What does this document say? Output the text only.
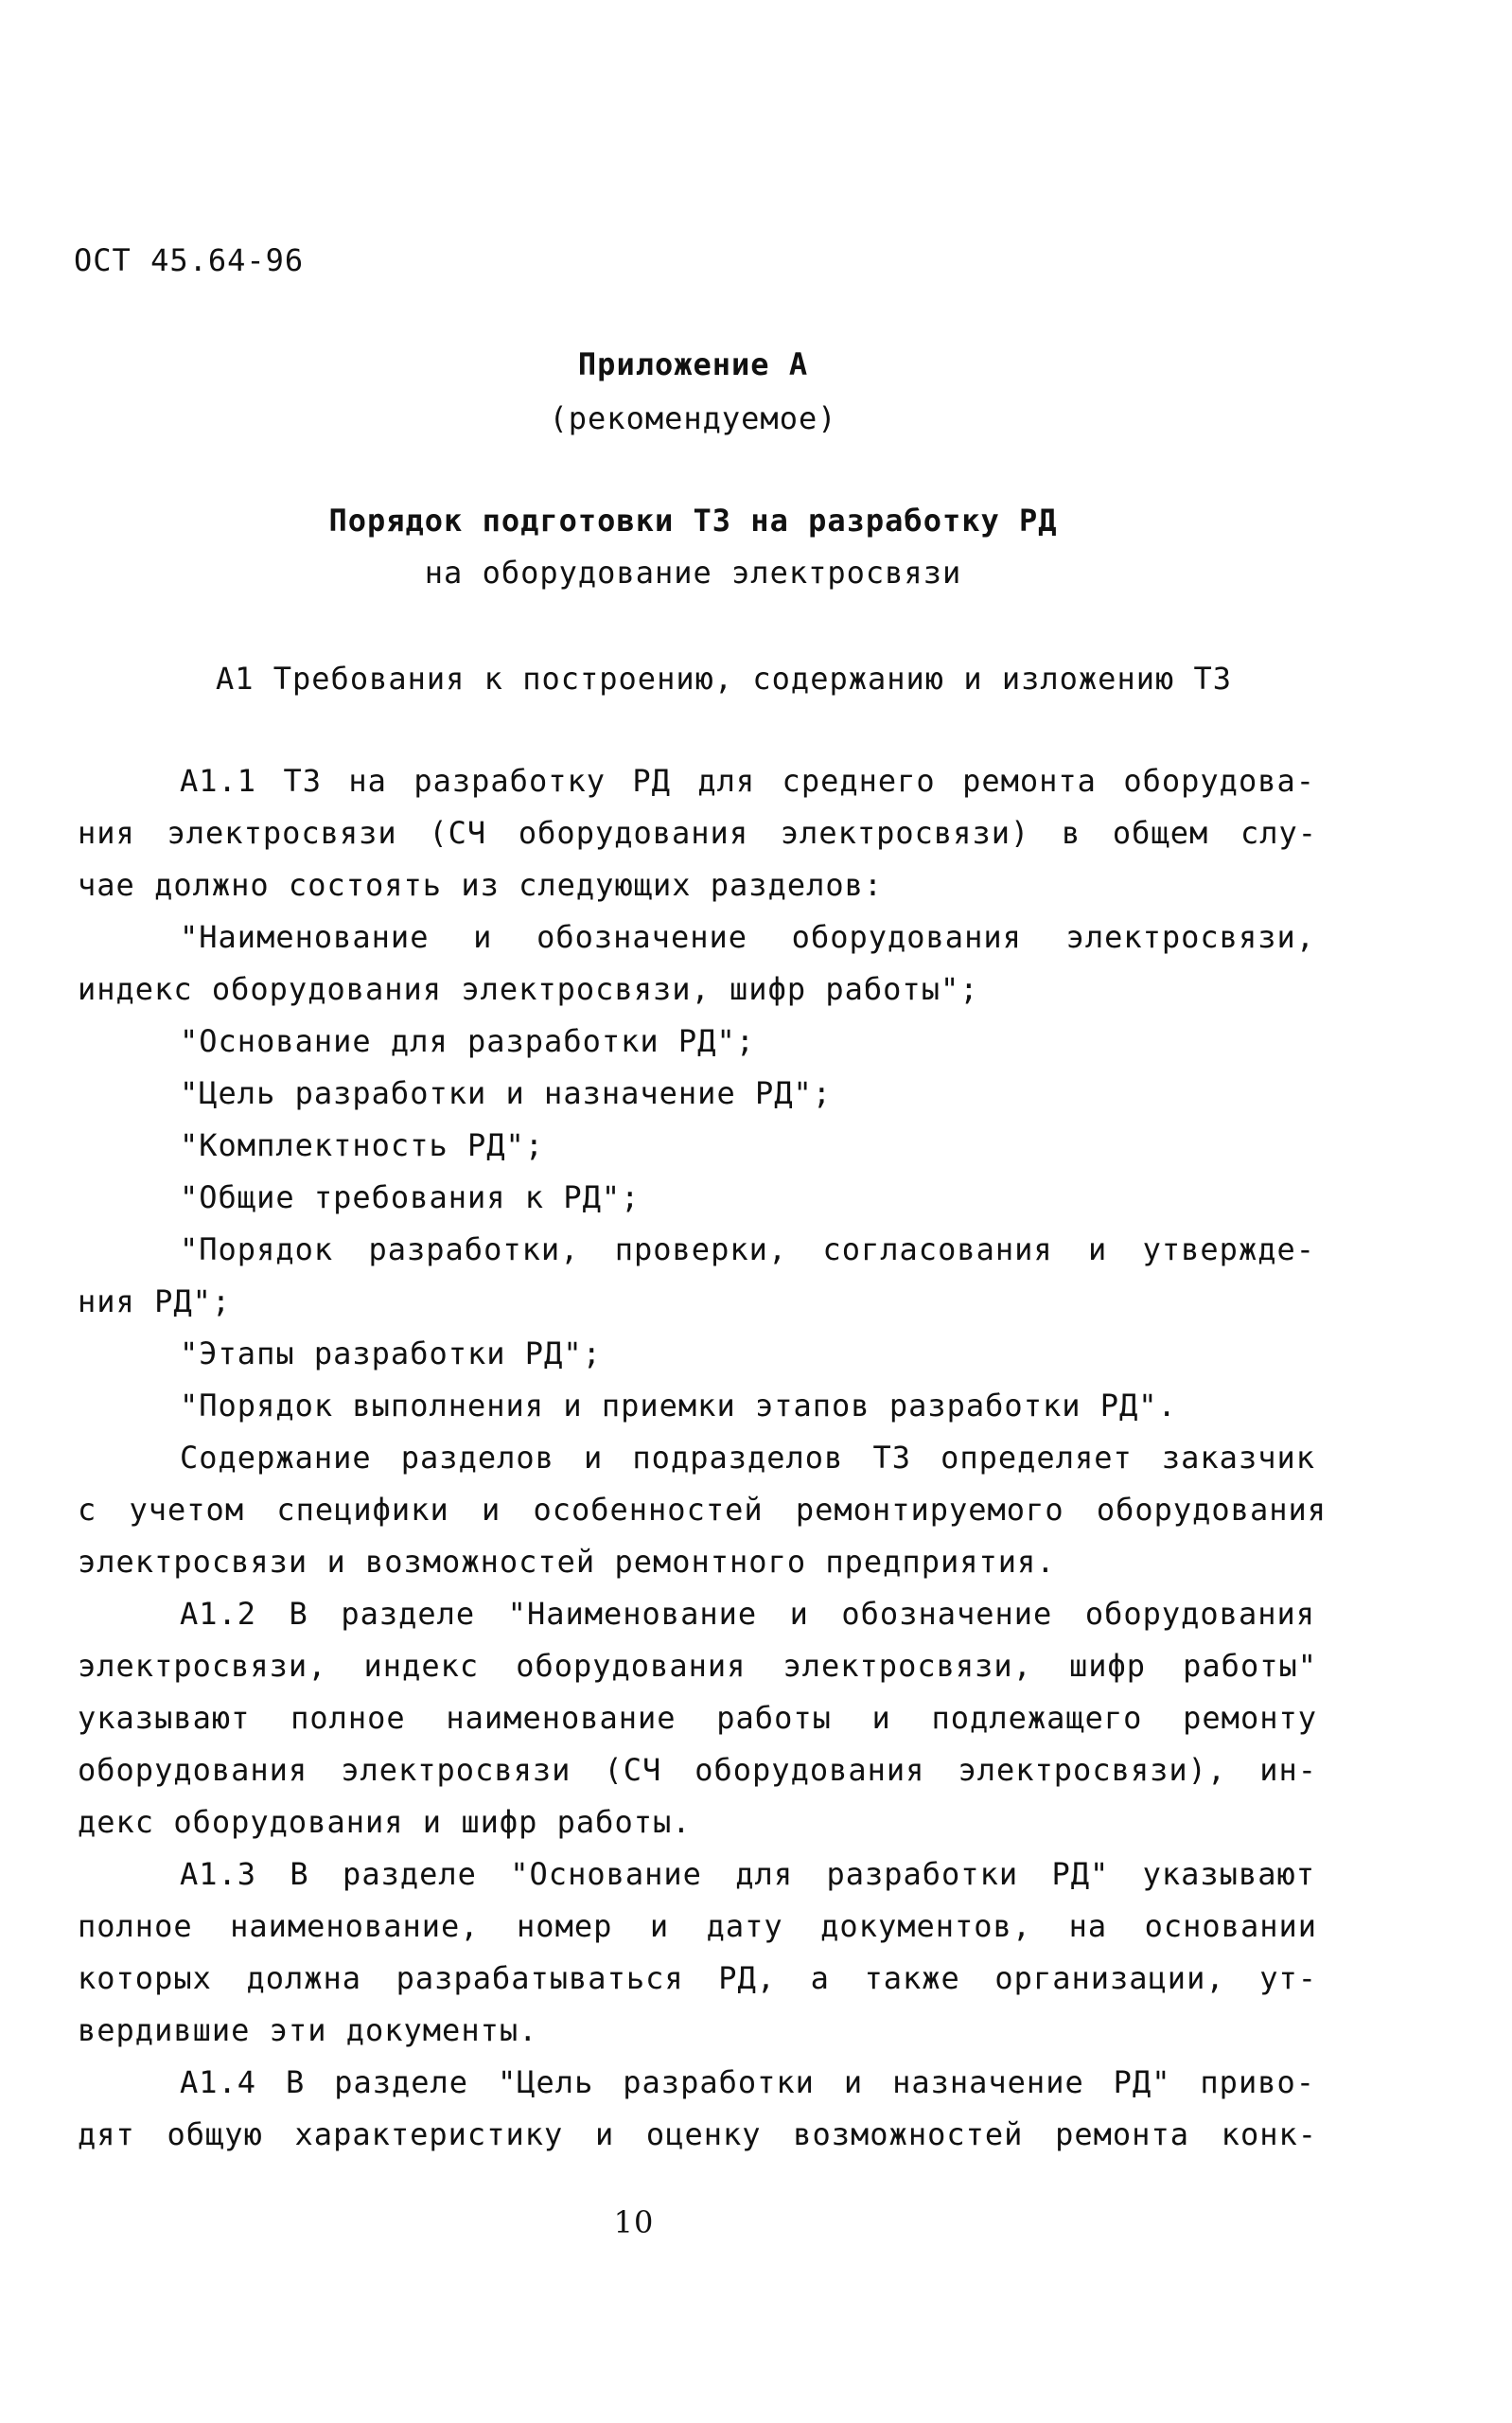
ОСТ 45.64-96
Приложение А
(рекомендуемое)
Порядок подготовки ТЗ на разработку РД
на оборудование электросвязи
А1 Требования к построению, содержанию и изложению ТЗ
А1.1 ТЗ на разработку РД для среднего ремонта оборудова-
ния электросвязи (СЧ оборудования электросвязи) в общем слу-
чае должно состоять из следующих разделов:
"Наименование и обозначение оборудования электросвязи,
индекс оборудования электросвязи, шифр работы";
"Основание для разработки РД";
"Цель разработки и назначение РД";
"Комплектность РД";
"Общие требования к РД";
"Порядок разработки, проверки, согласования и утвержде-
ния РД";
"Этапы разработки РД";
"Порядок выполнения и приемки этапов разработки РД".
Содержание разделов и подразделов ТЗ определяет заказчик
с учетом специфики и особенностей ремонтируемого оборудования
электросвязи и возможностей ремонтного предприятия.
А1.2 В разделе "Наименование и обозначение оборудования
электросвязи, индекс оборудования электросвязи, шифр работы"
указывают полное наименование работы и подлежащего ремонту
оборудования электросвязи (СЧ оборудования электросвязи), ин-
декс оборудования и шифр работы.
А1.3 В разделе "Основание для разработки РД" указывают
полное наименование, номер и дату документов, на основании
которых должна разрабатываться РД, а также организации, ут-
вердившие эти документы.
А1.4 В разделе "Цель разработки и назначение РД" приво-
дят общую характеристику и оценку возможностей ремонта конк-
10
